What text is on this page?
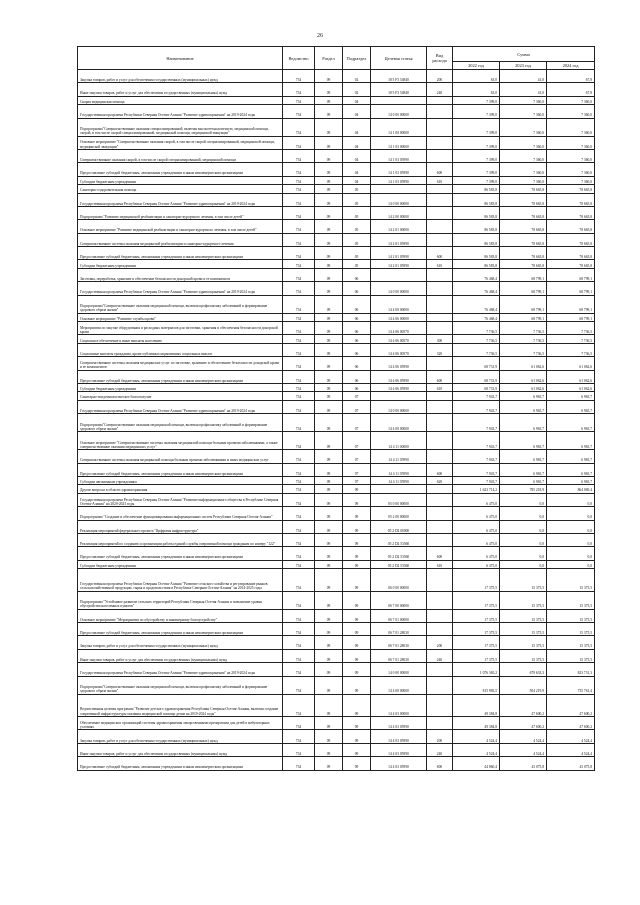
26
Наименование	Ведомство	Раздел	Подраздел	Целевая статья	Вид расхода	Сумма		
						2022 год	2023 год	2024 год
Закупка товаров, работ и услуг для обеспечения государственных (муниципальных) нужд	734	09	02	18 5 F3 54840	200	63,0	41,0	67,8
Иные закупки товаров, работ и услуг для обеспечения государственных (муниципальных) нужд	734	09	02	18 5 F3 54840	240	63,0	41,0	67,8
Скорая медицинская помощь	734	09	04			7 399,0	7 360,0	7 360,0
Государственная программа Республики Северная Осетия-Алания "Развитие здравоохранения" на 2019-2024 годы	734	09	04	14 0 00 00000		7 399,0	7 360,0	7 360,0
Подпрограмма"Совершенствование оказания специализированной, включая высокотехнологичную, медицинской помощи, скорой, в том числе скорой специализированной, медицинской помощи, медицинской эвакуации"	734	09	04	14 1 00 00000		7 399,0	7 360,0	7 360,0
Основное мероприятие "Совершенствование оказания скорой, в том числе скорой специализированной, медицинской помощи, медицинской эвакуации"	734	09	04	14 1 03 00000		7 399,0	7 360,0	7 360,0
Совершенствование оказания скорой, в том числе скорой специализированной, медицинской помощи	734	09	04	14 1 03 05990		7 399,0	7 360,0	7 360,0
Предоставление субсидий бюджетным, автономным учреждениям и иным некоммерческим организациям	734	09	04	14 1 03 05990	600	7 399,0	7 360,0	7 360,0
Субсидии бюджетным учреждениям	734	09	04	14 1 03 05990	610	7 399,0	7 360,0	7 360,0
Санаторно-оздоровительная помощь	734	09	05			86 583,8	78 665,8	78 665,8
Государственная программа Республики Северная Осетия-Алания "Развитие здравоохранения" на 2019-2024 годы	734	09	05	14 0 00 00000		86 583,8	78 665,8	78 665,8
Подпрограмма "Развитие медицинской реабилитации и санаторно-курортного лечения, в том числе детей"	734	09	05	14 2 00 00000		86 583,8	78 665,8	78 665,8
Основное мероприятие "Развитие медицинской реабилитации и санаторно-курортного лечения, в том числе детей"	734	09	05	14 2 01 00000		86 583,8	78 665,8	78 665,8
Совершенствование системы оказания медицинской реабилитации и санаторно-курортного лечения	734	09	05	14 2 01 05990		86 583,8	78 665,8	78 665,8
Предоставление субсидий бюджетным, автономным учреждениям и иным некоммерческим организациям	734	09	05	14 2 01 05990	600	86 583,8	78 665,8	78 665,8
Субсидии бюджетным учреждениям	734	09	05	14 2 01 05990	610	86 583,8	78 665,8	78 665,8
Заготовка, переработка, хранение и обеспечение безопасности донорской крови и ее компонентов	734	09	06			76 468,4	68 799,1	68 799,1
Государственная программа Республики Северная Осетия-Алания "Развитие здравоохранения" на 2019-2024 годы	734	09	06	14 0 00 00000		76 468,4	68 799,1	68 799,1
Подпрограмма"Совершенствование оказания медицинской помощи, включая профилактику заболеваний и формирование здорового образа жизни"	734	09	06	14 4 00 00000		76 468,4	68 799,1	68 799,1
Основное мероприятие "Развитие службы крови"	734	09	06	14 4 06 00000		76 468,4	68 799,1	68 799,1
Мероприятия по закупке оборудования и расходных материалов для заготовки, хранения и обеспечения безопасности донорской крови	734	09	06	14 4 06 00570		7 736,5	7 736,5	7 736,5
Социальное обеспечение и иные выплаты населению	734	09	06	14 4 06 00570	300	7 736,5	7 736,5	7 736,5
Социальные выплаты гражданам, кроме публичных нормативных социальных выплат	734	09	06	14 4 06 00570	320	7 736,5	7 736,5	7 736,5
Совершенствование системы оказания медицинских услуг по заготовке, хранению и обеспечению безопасности донорской крови и ее компонентов	734	09	06	14 4 06 05990		68 731,9	61 062,6	61 062,6
Предоставление субсидий бюджетным, автономным учреждениям и иным некоммерческим организациям	734	09	06	14 4 06 05990	600	68 731,9	61 062,6	61 062,6
Субсидии бюджетным учреждениям	734	09	06	14 4 06 05990	610	68 731,9	61 062,6	61 062,6
Санитарно-эпидемиологическое благополучие	734	09	07			7 943,7	6 965,7	6 965,7
Государственная программа Республики Северная Осетия-Алания "Развитие здравоохранения" на 2019-2024 годы	734	09	07	14 0 00 00000		7 943,7	6 965,7	6 965,7
Подпрограмма"Совершенствование оказания медицинской помощи, включая профилактику заболеваний и формирование здорового образа жизни"	734	09	07	14 4 00 00000		7 943,7	6 965,7	6 965,7
Основное мероприятие "Совершенствование системы оказания медицинской помощи больным прочими заболеваниями, а также совершенствование оказания медицинских услуг"	734	09	07	14 4 11 00000		7 943,7	6 965,7	6 965,7
Совершенствование системы оказания медицинской помощи больным прочими заболеваниями и иных медицинских услуг	734	09	07	14 4 11 05990		7 943,7	6 965,7	6 965,7
Предоставление субсидий бюджетным, автономным учреждениям и иным некоммерческим организациям	734	09	07	14 4 11 05990	600	7 943,7	6 965,7	6 965,7
Субсидии автономным учреждениям	734	09	07	14 4 11 05990	620	7 943,7	6 965,7	6 965,7
Другие вопросы в области здравоохранения	734	09	09			1 623 714,2	785 218,9	864 069,4
Государственная программа Республики Северная Осетия-Алания "Развитие информационного общества в Республике Северная Осетия-Алания" на 2020-2023 годы	734	09	09	05 0 00 00000		6 475,0	0,0	0,0
Подпрограмма "Создание и обеспечение функционирования информационных систем Республики Северная Осетия-Алания"	734	09	09	05 2 00 00000		6 475,0	0,0	0,0
Реализация мероприятий федерального проекта "Цифровая инфраструктура"	734	09	09	05 2 D2 00000		6 475,0	0,0	0,0
Реализация мероприятий по созданию и организации работы единой службы оперативной помощи гражданам по номеру "122"	734	09	09	05 2 D2 53560		6 475,0	0,0	0,0
Предоставление субсидий бюджетным, автономным учреждениям и иным некоммерческим организациям	734	09	09	05 2 D2 53560	600	6 475,0	0,0	0,0
Субсидии бюджетным учреждениям	734	09	09	05 2 D2 53560	610	6 475,0	0,0	0,0
Государственная программа Республики Северная Осетия-Алания "Развитие сельского хозяйства и регулирование рынков сельскохозяйственной продукции, сырья и продовольствия в Республике Северная Осетия-Алания" на 2014-2025 годы	734	09	09	06 0 00 00000		17 375,5	15 375,5	15 375,5
Подпрограмма "Устойчивое развитие сельских территорий Республики Северная Осетия-Алания и повышение уровня обустройства населенных пунктов"	734	09	09	06 7 00 00000		17 375,5	15 375,5	15 375,5
Основное мероприятие "Мероприятия по обустройству и инженерному благоустройству"	734	09	09	06 7 01 00000		17 375,5	15 375,5	15 375,5
Предоставление субсидий бюджетным, автономным учреждениям и иным некоммерческим организациям	734	09	09	06 7 01 28030		17 375,5	15 375,5	15 375,5
Закупка товаров, работ и услуг для обеспечения государственных (муниципальных) нужд	734	09	09	06 7 01 28030	200	17 375,5	15 375,5	15 375,5
Иные закупки товаров, работ и услуг для обеспечения государственных (муниципальных) нужд	734	09	09	06 7 01 28030	240	17 375,5	15 375,5	15 375,5
Государственная программа Республики Северная Осетия-Алания "Развитие здравоохранения" на 2019-2024 годы	734	09	09	14 0 00 00000		1 076 365,2	679 633,3	823 731,3
Подпрограмма"Совершенствование оказания медицинской помощи, включая профилактику заболеваний и формирование здорового образа жизни"	734	09	09	14 4 00 00000		815 983,5	504 219,9	735 761,4
Ведомственная целевая программа "Развитие детского здравоохранения Республики Северная Осетия-Алания, включая создание современной инфраструктуры оказания медицинской помощи детям на 2019-2024 годы"	734	09	09	14 4 03 00000		49 384,8	47 600,2	47 600,2
Обеспечение медицинских организаций системы здравоохранения лекарственными препаратами для детей в амбулаторных условиях	734	09	09	14 4 03 05990		49 384,8	47 600,2	47 600,2
Закупка товаров, работ и услуг для обеспечения государственных (муниципальных) нужд	734	09	09	14 4 03 05990	200	4 524,4	4 524,4	4 524,4
Иные закупки товаров, работ и услуг для обеспечения государственных (муниципальных) нужд	734	09	09	14 4 03 05990	240	4 524,4	4 524,4	4 524,4
Предоставление субсидий бюджетным, автономным учреждениям и иным некоммерческим организациям	734	09	09	14 4 03 05990	600	44 860,4	43 075,8	43 075,8
